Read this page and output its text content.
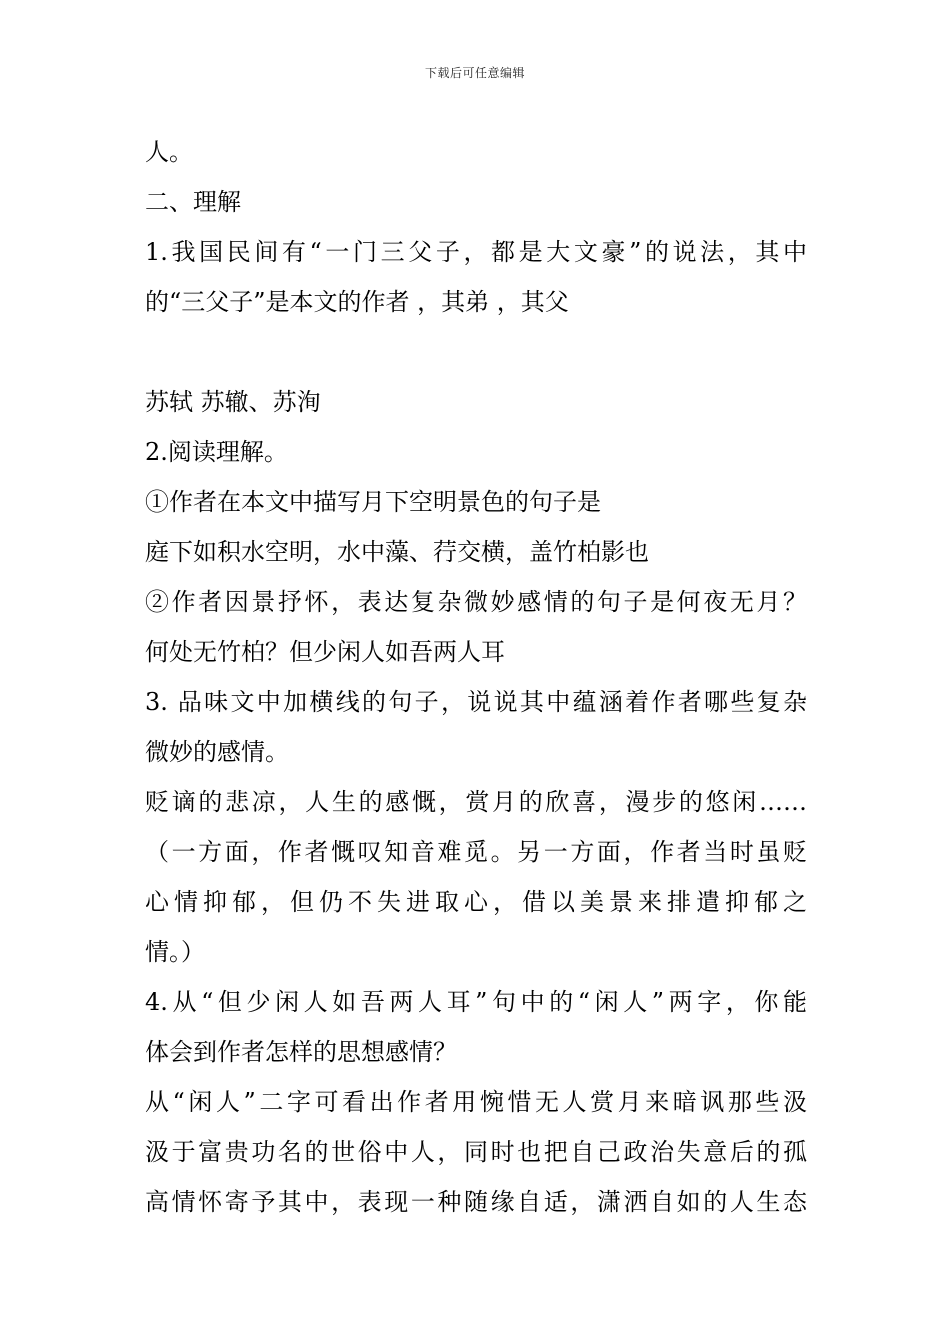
下载后可任意编辑
人。
二、理解
1.我国民间有“一门三父子，都是大文豪”的说法，其中
的“三父子”是本文的作者 ，其弟 ，其父
苏轼 苏辙、苏洵
2.阅读理解。
①作者在本文中描写月下空明景色的句子是
庭下如积水空明，水中藻、荇交横，盖竹柏影也
②作者因景抒怀，表达复杂微妙感情的句子是何夜无月？
何处无竹柏？但少闲人如吾两人耳
3. 品味文中加横线的句子，说说其中蕴涵着作者哪些复杂
微妙的感情。
贬谪的悲凉，人生的感慨，赏月的欣喜，漫步的悠闲……
（一方面，作者慨叹知音难觅。另一方面，作者当时虽贬
心情抑郁，但仍不失进取心，借以美景来排遣抑郁之
情。）
4.从“但少闲人如吾两人耳”句中的“闲人”两字，你能
体会到作者怎样的思想感情？
从“闲人”二字可看出作者用惋惜无人赏月来暗讽那些汲
汲于富贵功名的世俗中人，同时也把自己政治失意后的孤
高情怀寄予其中，表现一种随缘自适，潇洒自如的人生态
